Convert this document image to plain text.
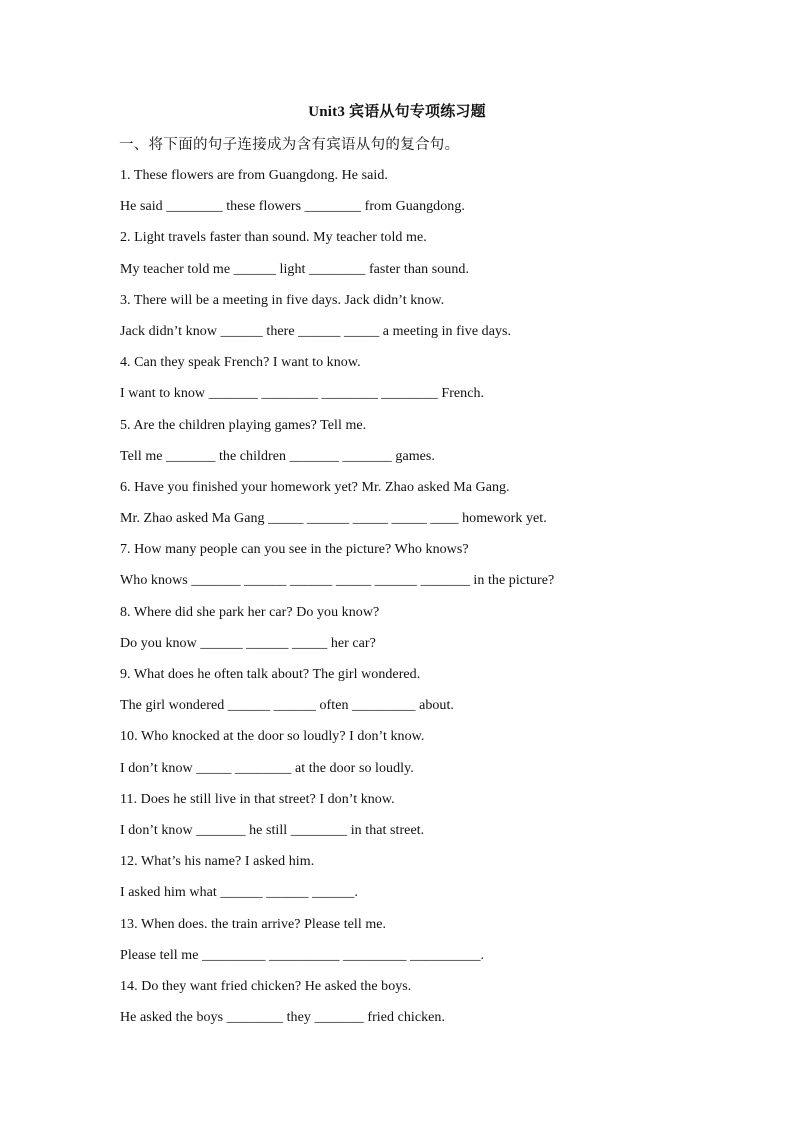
Unit3 宾语从句专项练习题
一、将下面的句子连接成为含有宾语从句的复合句。
1. These flowers are from Guangdong. He said.
He said ________ these flowers ________ from Guangdong.
2. Light travels faster than sound. My teacher told me.
My teacher told me ______ light ________ faster than sound.
3. There will be a meeting in five days. Jack didn’t know.
Jack didn’t know ______ there ______ _____ a meeting in five days.
4. Can they speak French? I want to know.
I want to know _______ ________ ________ ________ French.
5. Are the children playing games? Tell me.
Tell me _______ the children _______ _______ games.
6. Have you finished your homework yet? Mr. Zhao asked Ma Gang.
Mr. Zhao asked Ma Gang _____ ______ _____ _____ ____ homework yet.
7. How many people can you see in the picture? Who knows?
Who knows _______ ______ ______ _____ ______ _______ in the picture?
8. Where did she park her car? Do you know?
Do you know ______ ______ _____ her car?
9. What does he often talk about? The girl wondered.
The girl wondered ______ ______ often _________ about.
10. Who knocked at the door so loudly? I don’t know.
I don’t know _____ ________ at the door so loudly.
11. Does he still live in that street? I don’t know.
I don’t know _______ he still ________ in that street.
12. What’s his name? I asked him.
I asked him what ______ ______ ______.
13. When does. the train arrive? Please tell me.
Please tell me _________ __________ _________ __________.
14. Do they want fried chicken? He asked the boys.
He asked the boys ________ they _______ fried chicken.
